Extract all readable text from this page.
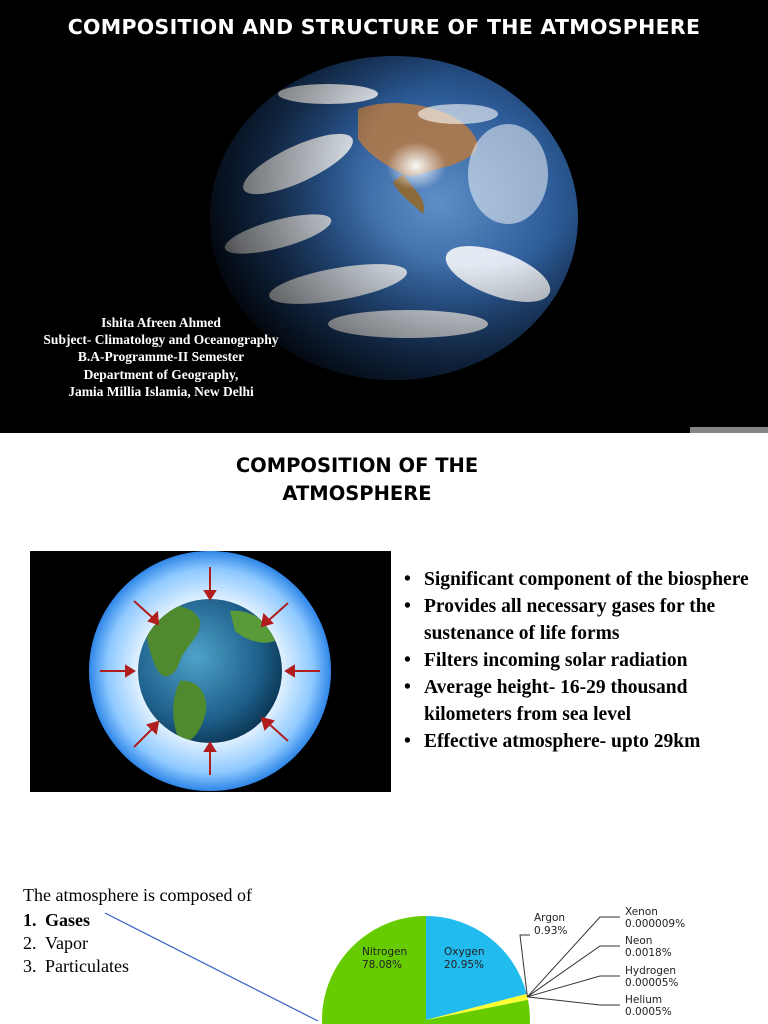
COMPOSITION AND STRUCTURE OF THE ATMOSPHERE
Ishita Afreen Ahmed
Subject- Climatology and Oceanography
B.A-Programme-II Semester
Department of Geography,
Jamia Millia Islamia, New Delhi
COMPOSITION OF THE ATMOSPHERE
• Significant component of the biosphere
• Provides all necessary gases for the sustenance of life forms
• Filters incoming solar radiation
• Average height- 16-29 thousand kilometers from sea level
• Effective atmosphere- upto 29km
The atmosphere is composed of
1. Gases
2. Vapor
3. Particulates
Nitrogen
78.08%
Oxygen
20.95%
Argon
0.93%
Xenon
0.000009%
Neon
0.0018%
Hydrogen
0.00005%
Helium
0.0005%
